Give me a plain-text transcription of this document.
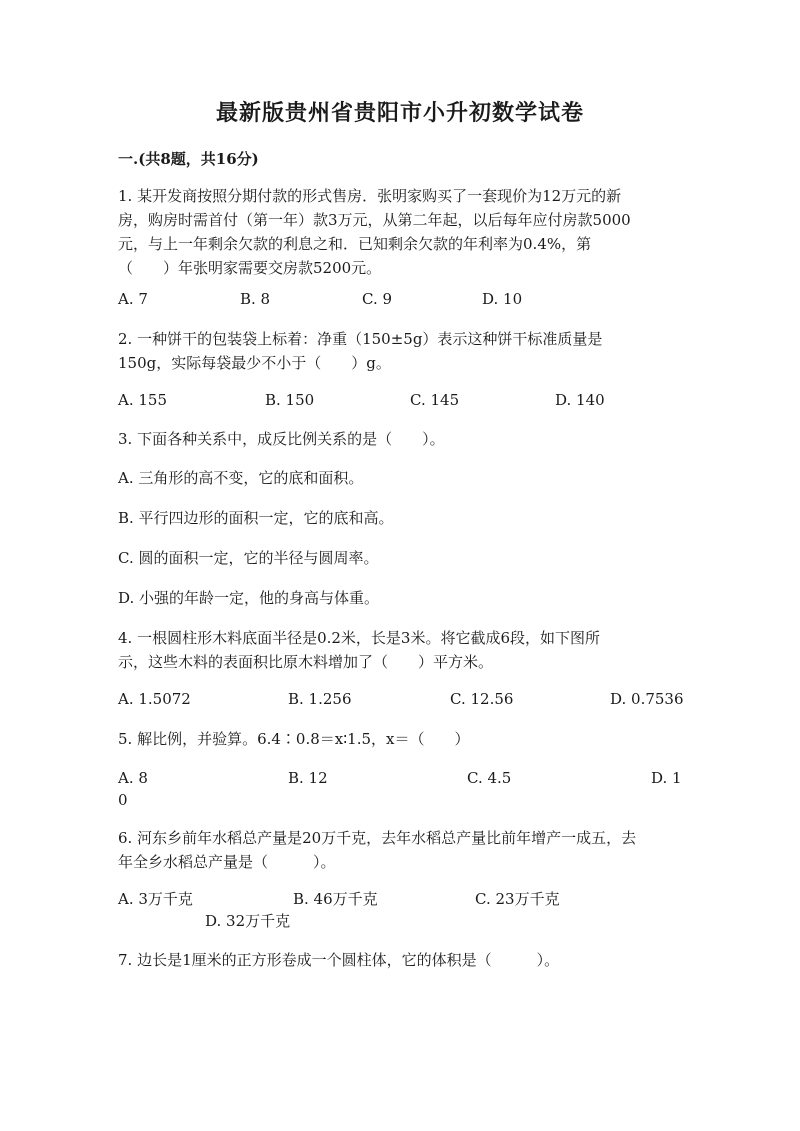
最新版贵州省贵阳市小升初数学试卷
一.(共8题，共16分)
1. 某开发商按照分期付款的形式售房．张明家购买了一套现价为12万元的新
房，购房时需首付（第一年）款3万元，从第二年起，以后每年应付房款5000
元，与上一年剩余欠款的利息之和．已知剩余欠款的年利率为0.4%，第
（　　）年张明家需要交房款5200元。
A. 7	B. 8	C. 9	D. 10
2. 一种饼干的包装袋上标着：净重（150±5g）表示这种饼干标准质量是
150g，实际每袋最少不小于（　　）g。
A. 155	B. 150	C. 145	D. 140
3. 下面各种关系中，成反比例关系的是（　　）。
A. 三角形的高不变，它的底和面积。
B. 平行四边形的面积一定，它的底和高。
C. 圆的面积一定，它的半径与圆周率。
D. 小强的年龄一定，他的身高与体重。
4. 一根圆柱形木料底面半径是0.2米，长是3米。将它截成6段，如下图所
示，这些木料的表面积比原木料增加了（　　）平方米。
A. 1.5072	B. 1.256	C. 12.56	D. 0.7536
5. 解比例，并验算。6.4∶0.8＝x∶1.5，x＝（　　）
A. 8	B. 12	C. 4.5	D. 1
0
6. 河东乡前年水稻总产量是20万千克，去年水稻总产量比前年增产一成五，去
年全乡水稻总产量是（　　　）。
A. 3万千克	B. 46万千克	C. 23万千克
D. 32万千克
7. 边长是1厘米的正方形卷成一个圆柱体，它的体积是（　　　）。
